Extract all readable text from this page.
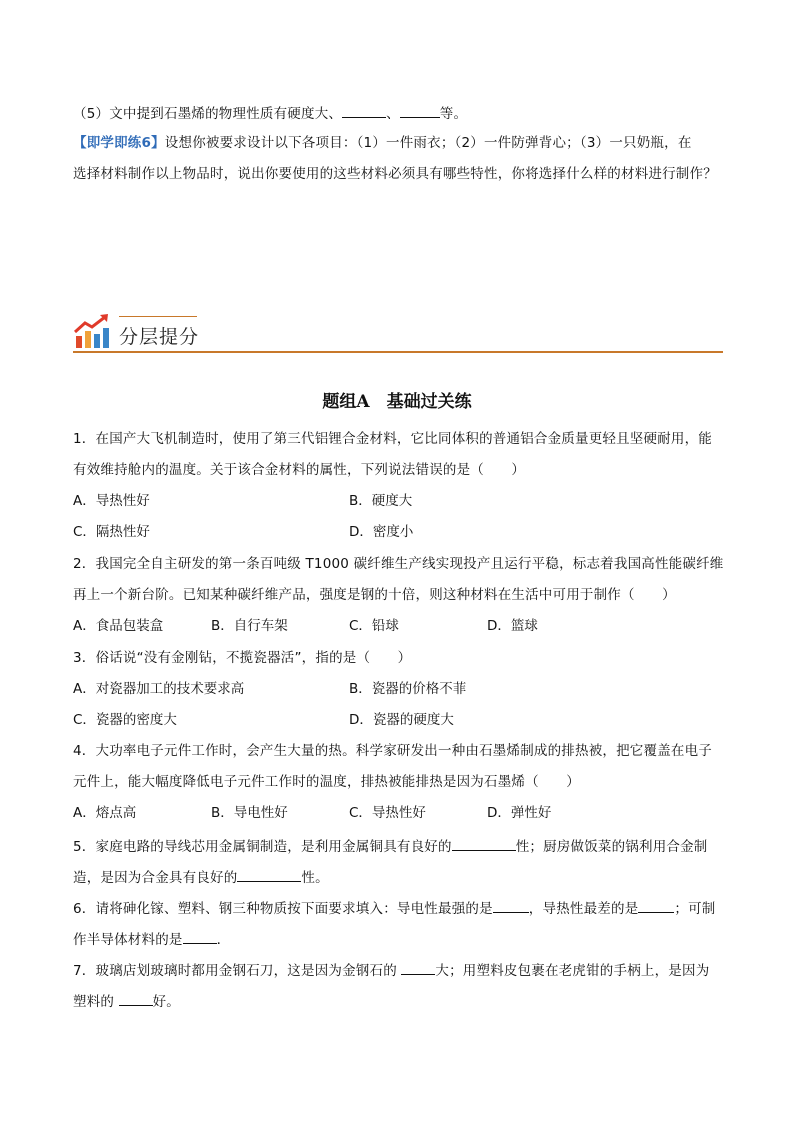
（5）文中提到石墨烯的物理性质有硬度大、	、	等。
【即学即练6】设想你被要求设计以下各项目：（1）一件雨衣；（2）一件防弹背心；（3）一只奶瓶，在
选择材料制作以上物品时，说出你要使用的这些材料必须具有哪些特性，你将选择什么样的材料进行制作？
分层提分
题组A　基础过关练
1．在国产大飞机制造时，使用了第三代铝锂合金材料，它比同体积的普通铝合金质量更轻且坚硬耐用，能
有效维持舱内的温度。关于该合金材料的属性，下列说法错误的是（　　）
A．导热性好	B．硬度大
C．隔热性好	D．密度小
2．我国完全自主研发的第一条百吨级 T1000 碳纤维生产线实现投产且运行平稳，标志着我国高性能碳纤维
再上一个新台阶。已知某种碳纤维产品，强度是钢的十倍，则这种材料在生活中可用于制作（　　）
A．食品包装盒	B．自行车架	C．铅球	D．篮球
3．俗话说“没有金刚钻，不揽瓷器活”，指的是（　　）
A．对瓷器加工的技术要求高	B．瓷器的价格不菲
C．瓷器的密度大	D．瓷器的硬度大
4．大功率电子元件工作时，会产生大量的热。科学家研发出一种由石墨烯制成的排热被，把它覆盖在电子
元件上，能大幅度降低电子元件工作时的温度，排热被能排热是因为石墨烯（　　）
A．熔点高	B．导电性好	C．导热性好	D．弹性好
5．家庭电路的导线芯用金属铜制造，是利用金属铜具有良好的	性；厨房做饭菜的锅利用合金制
造，是因为合金具有良好的	性。
6．请将砷化镓、塑料、钢三种物质按下面要求填入：导电性最强的是	，导热性最差的是	；可制
作半导体材料的是	．
7．玻璃店划玻璃时都用金钢石刀，这是因为金钢石的	大；用塑料皮包裹在老虎钳的手柄上，是因为
塑料的	好。
